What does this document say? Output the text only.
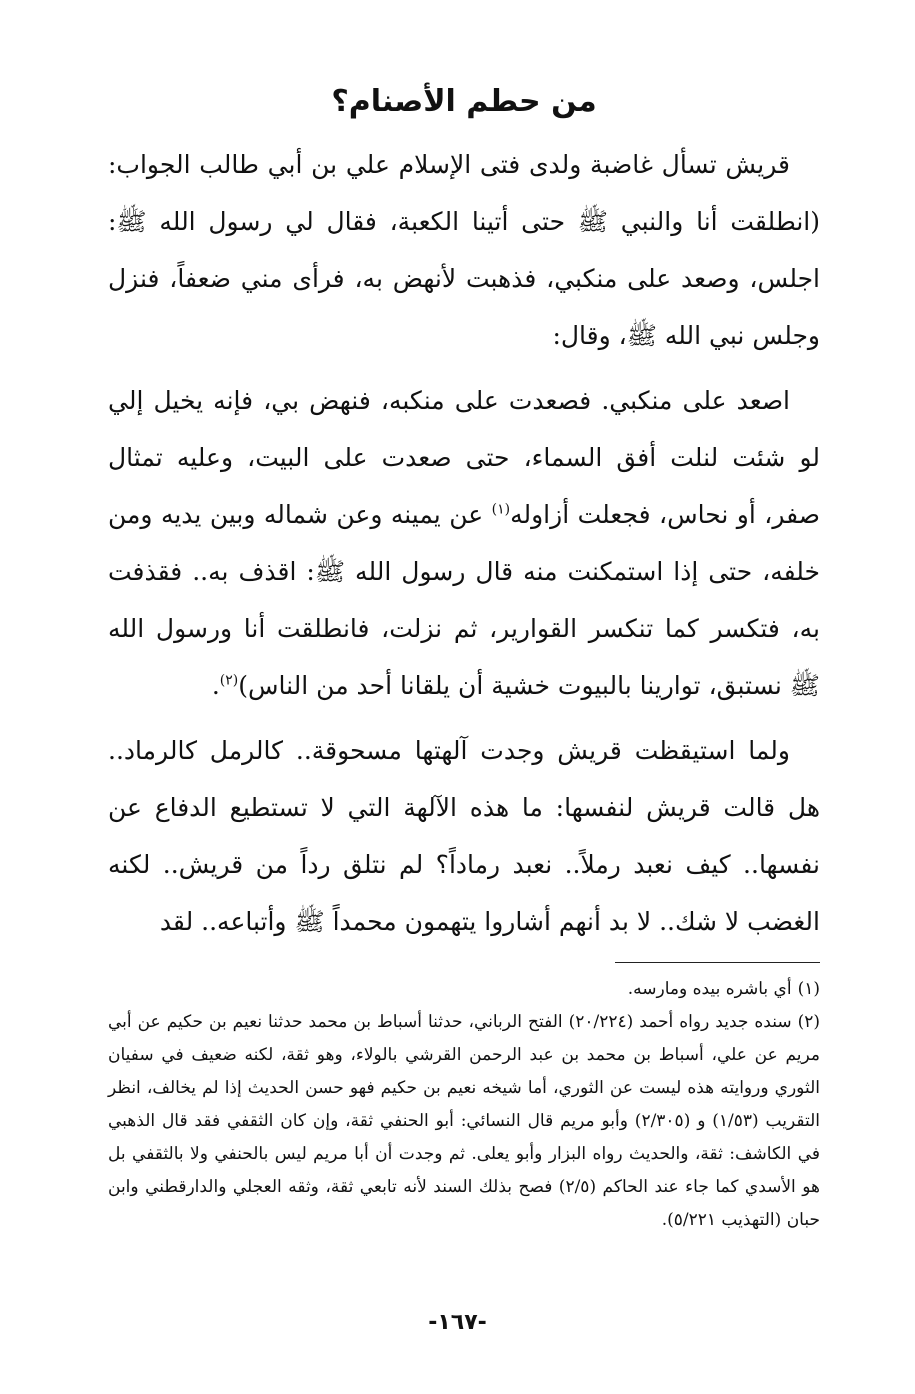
من حطم الأصنام؟

قريش تسأل غاضبة ولدى فتى الإسلام علي بن أبي طالب الجواب: (انطلقت أنا والنبي ﷺ حتى أتينا الكعبة، فقال لي رسول الله ﷺ: اجلس، وصعد على منكبي، فذهبت لأنهض به، فرأى مني ضعفاً، فنزل وجلس نبي الله ﷺ، وقال:

اصعد على منكبي. فصعدت على منكبه، فنهض بي، فإنه يخيل إلي لو شئت لنلت أفق السماء، حتى صعدت على البيت، وعليه تمثال صفر، أو نحاس، فجعلت أزاوله$^{(١)}$ عن يمينه وعن شماله وبين يديه ومن خلفه، حتى إذا استمكنت منه قال رسول الله ﷺ: اقذف به.. فقذفت به، فتكسر كما تنكسر القوارير، ثم نزلت، فانطلقت أنا ورسول الله ﷺ نستبق، توارينا بالبيوت خشية أن يلقانا أحد من الناس)$^{(٢)}$.

ولما استيقظت قريش وجدت آلهتها مسحوقة.. كالرمل كالرماد.. هل قالت قريش لنفسها: ما هذه الآلهة التي لا تستطيع الدفاع عن نفسها.. كيف نعبد رملاً.. نعبد رماداً؟ لم نتلق رداً من قريش.. لكنه الغضب لا شك.. لا بد أنهم أشاروا يتهمون محمداً ﷺ وأتباعه.. لقد

(١)أي باشره بيده ومارسه.

(٢)سنده جديد رواه أحمد (٢٠/٢٢٤) الفتح الرباني، حدثنا أسباط بن محمد حدثنا نعيم بن حكيم عن أبي مريم عن علي، أسباط بن محمد بن عبد الرحمن القرشي بالولاء، وهو ثقة، لكنه ضعيف في سفيان الثوري وروايته هذه ليست عن الثوري، أما شيخه نعيم بن حكيم فهو حسن الحديث إذا لم يخالف، انظر التقريب (١/٥٣) و (٢/٣٠٥) وأبو مريم قال النسائي: أبو الحنفي ثقة، وإن كان الثقفي فقد قال الذهبي في الكاشف: ثقة، والحديث رواه البزار وأبو يعلى. ثم وجدت أن أبا مريم ليس بالحنفي ولا بالثقفي بل هو الأسدي كما جاء عند الحاكم (٢/٥) فصح بذلك السند لأنه تابعي ثقة، وثقه العجلي والدارقطني وابن حبان (التهذيب ٥/٢٢١).

-١٦٧-
